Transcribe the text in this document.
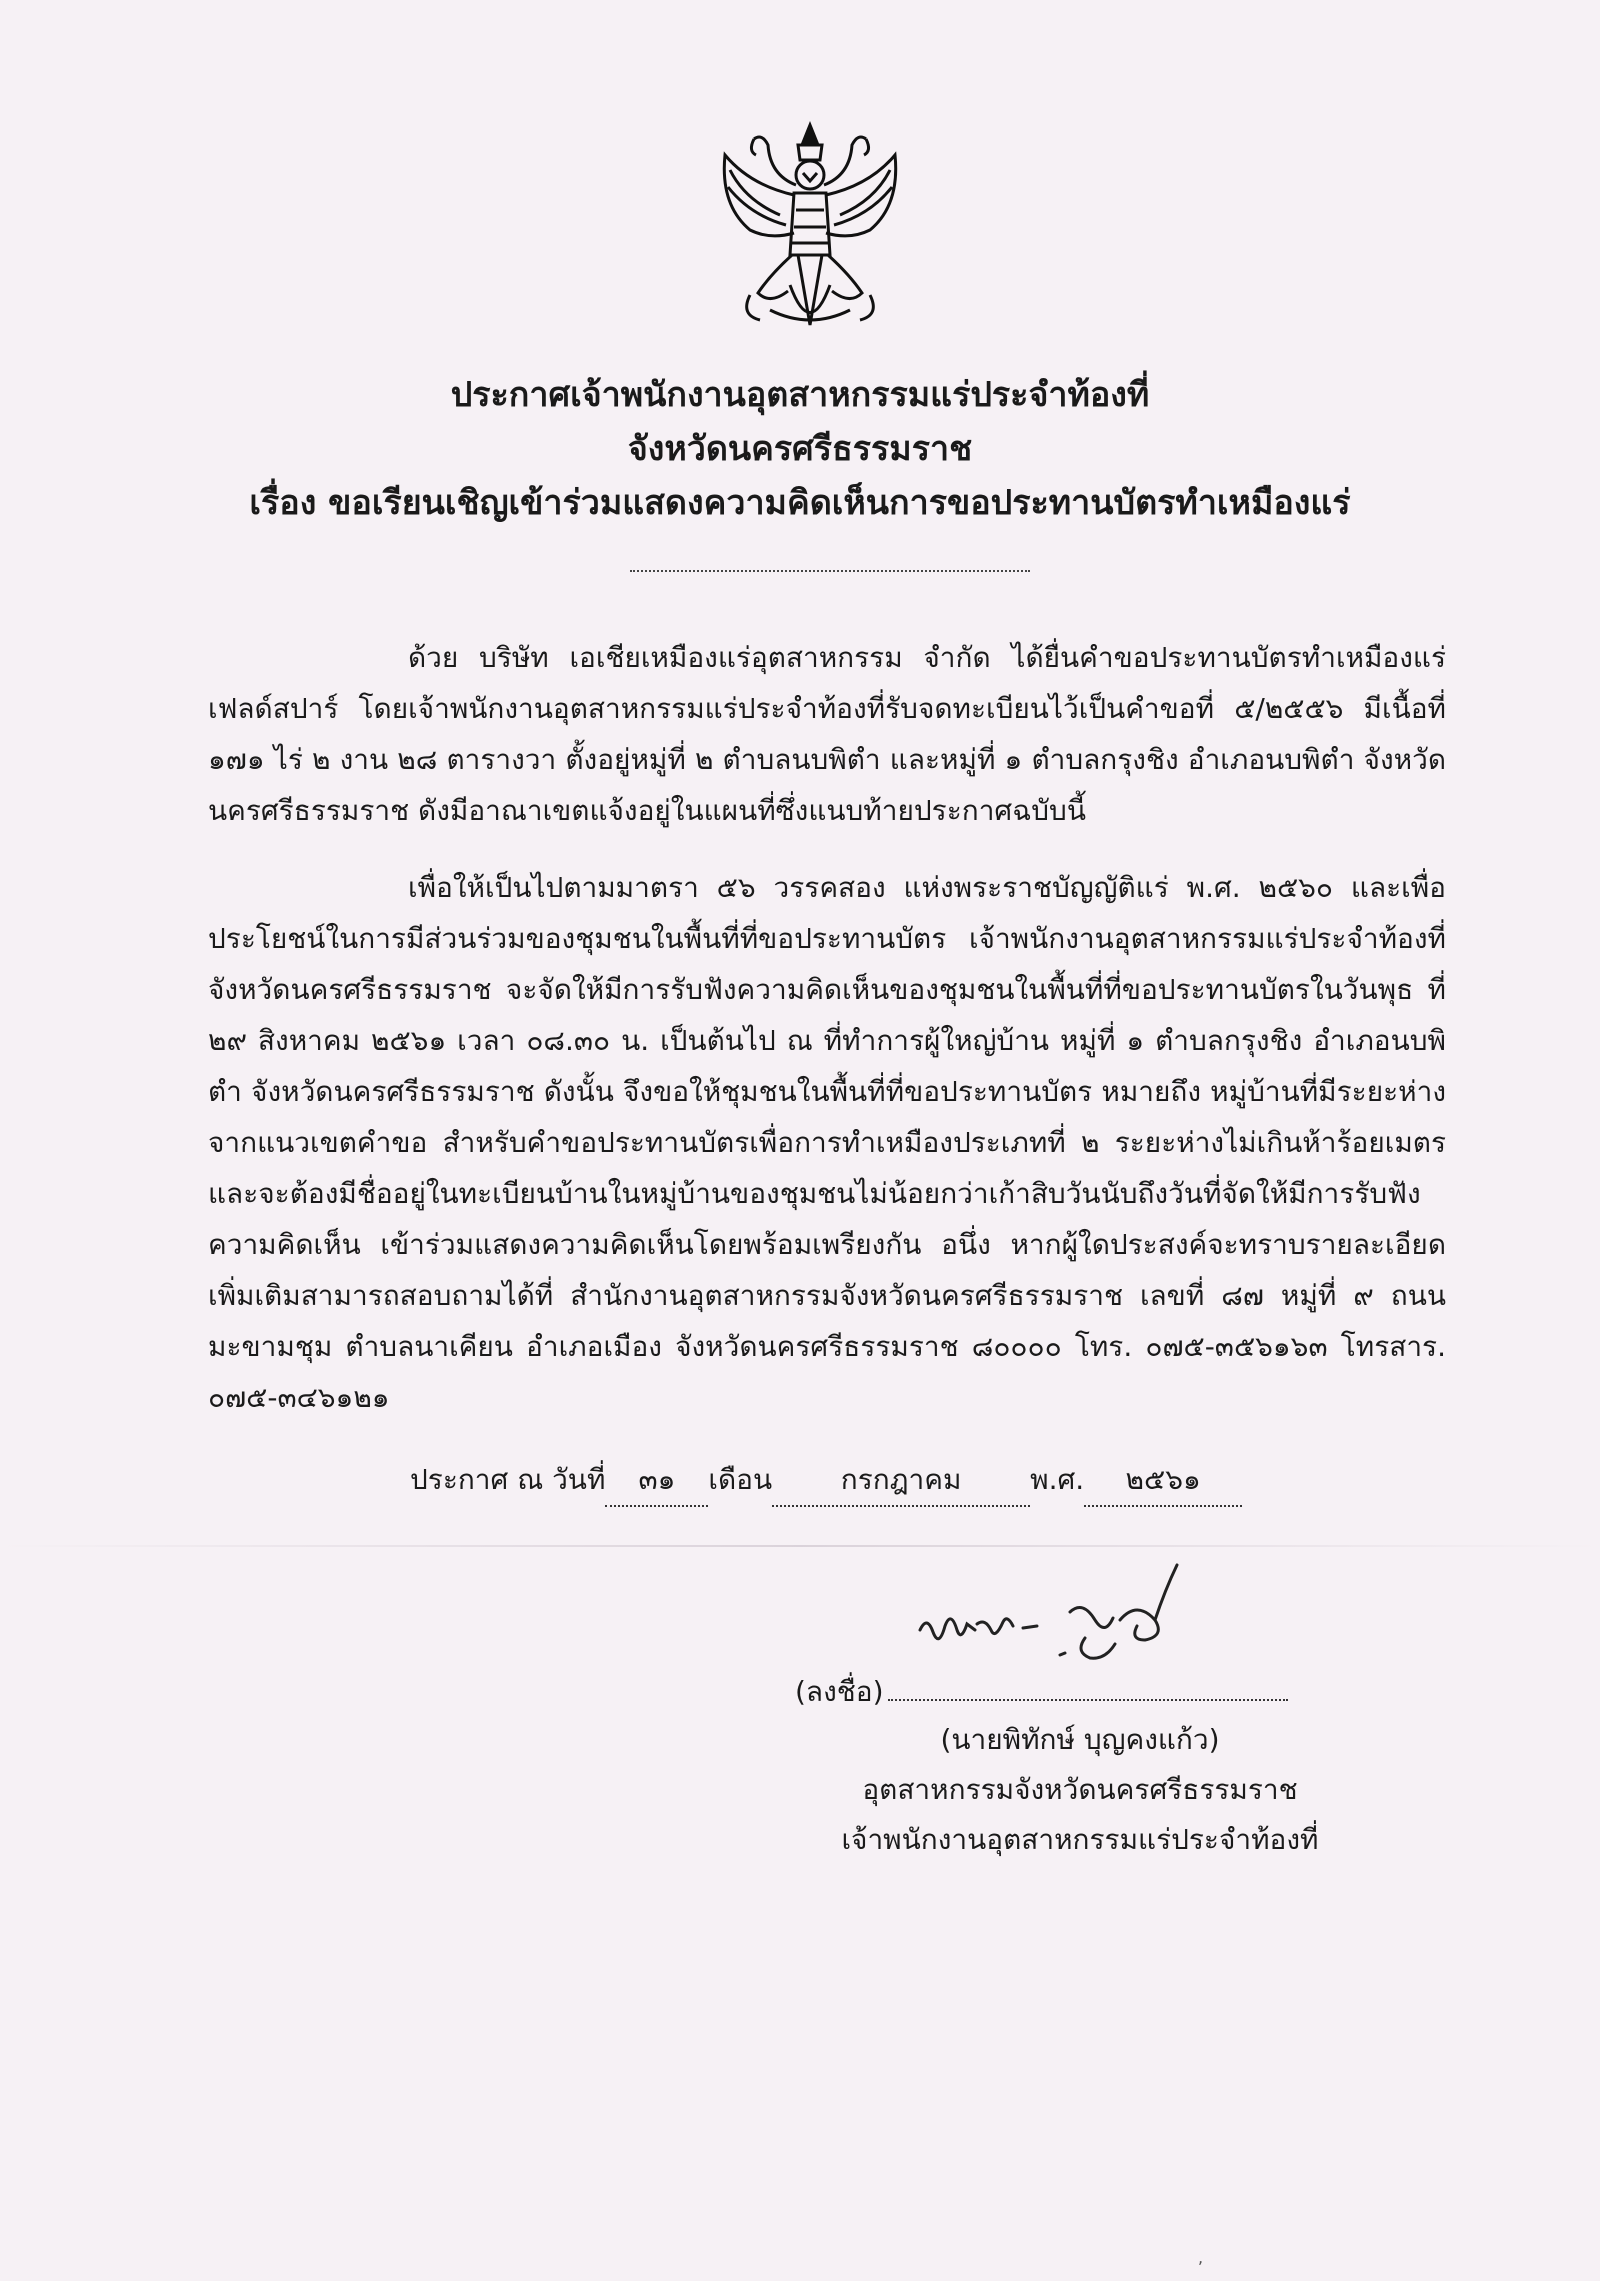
ประกาศเจ้าพนักงานอุตสาหกรรมแร่ประจำท้องที่
จังหวัดนครศรีธรรมราช
เรื่อง ขอเรียนเชิญเข้าร่วมแสดงความคิดเห็นการขอประทานบัตรทำเหมืองแร่
ด้วย บริษัท เอเชียเหมืองแร่อุตสาหกรรม จำกัด ได้ยื่นคำขอประทานบัตรทำเหมืองแร่เฟลด์สปาร์ โดยเจ้าพนักงานอุตสาหกรรมแร่ประจำท้องที่รับจดทะเบียนไว้เป็นคำขอที่ ๕/๒๕๕๖ มีเนื้อที่ ๑๗๑ ไร่ ๒ งาน ๒๘ ตารางวา ตั้งอยู่หมู่ที่ ๒ ตำบลนบพิตำ และหมู่ที่ ๑ ตำบลกรุงชิง อำเภอนบพิตำ จังหวัดนครศรีธรรมราช ดังมีอาณาเขตแจ้งอยู่ในแผนที่ซึ่งแนบท้ายประกาศฉบับนี้
เพื่อให้เป็นไปตามมาตรา ๕๖ วรรคสอง แห่งพระราชบัญญัติแร่ พ.ศ. ๒๕๖๐ และเพื่อประโยชน์ในการมีส่วนร่วมของชุมชนในพื้นที่ที่ขอประทานบัตร เจ้าพนักงานอุตสาหกรรมแร่ประจำท้องที่จังหวัดนครศรีธรรมราช จะจัดให้มีการรับฟังความคิดเห็นของชุมชนในพื้นที่ที่ขอประทานบัตรในวันพุธ ที่ ๒๙ สิงหาคม ๒๕๖๑ เวลา ๐๘.๓๐ น. เป็นต้นไป ณ ที่ทำการผู้ใหญ่บ้าน หมู่ที่ ๑ ตำบลกรุงชิง อำเภอนบพิตำ จังหวัดนครศรีธรรมราช ดังนั้น จึงขอให้ชุมชนในพื้นที่ที่ขอประทานบัตร หมายถึง หมู่บ้านที่มีระยะห่างจากแนวเขตคำขอ สำหรับคำขอประทานบัตรเพื่อการทำเหมืองประเภทที่ ๒ ระยะห่างไม่เกินห้าร้อยเมตร และจะต้องมีชื่ออยู่ในทะเบียนบ้านในหมู่บ้านของชุมชนไม่น้อยกว่าเก้าสิบวันนับถึงวันที่จัดให้มีการรับฟังความคิดเห็น เข้าร่วมแสดงความคิดเห็นโดยพร้อมเพรียงกัน อนึ่ง หากผู้ใดประสงค์จะทราบรายละเอียดเพิ่มเติมสามารถสอบถามได้ที่ สำนักงานอุตสาหกรรมจังหวัดนครศรีธรรมราช เลขที่ ๘๗ หมู่ที่ ๙ ถนนมะขามชุม ตำบลนาเคียน อำเภอเมือง จังหวัดนครศรีธรรมราช ๘๐๐๐๐ โทร. ๐๗๕-๓๕๖๑๖๓ โทรสาร. ๐๗๕-๓๔๖๑๒๑
ประกาศ ณ วันที่ ๓๑ เดือน กรกฎาคม พ.ศ. ๒๕๖๑
(ลงชื่อ)
(นายพิทักษ์ บุญคงแก้ว)
อุตสาหกรรมจังหวัดนครศรีธรรมราช
เจ้าพนักงานอุตสาหกรรมแร่ประจำท้องที่
,
